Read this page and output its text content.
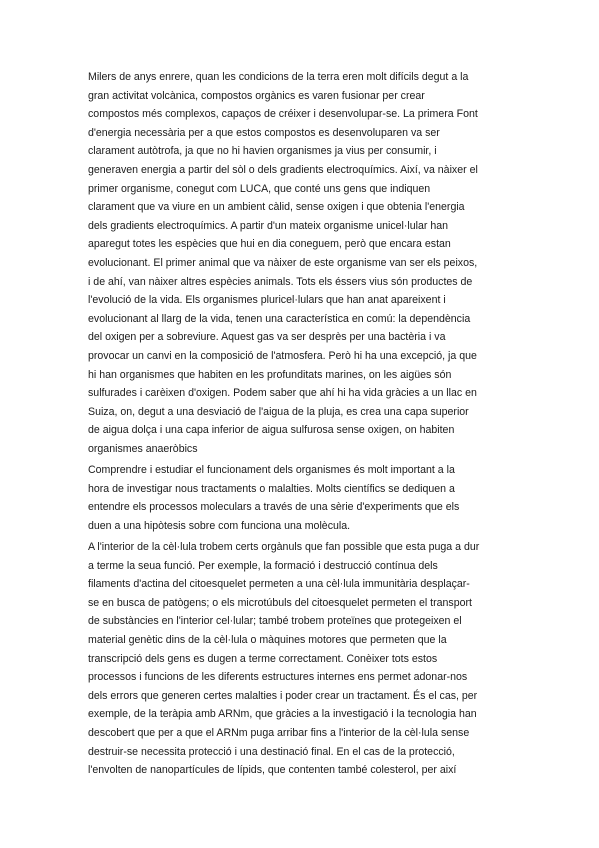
Milers de anys enrere, quan les condicions de la terra eren molt difícils degut a la
gran activitat volcànica, compostos orgànics es varen fusionar per crear
compostos més complexos, capaços de créixer i desenvolupar-se. La primera Font
d'energia necessària per a que estos compostos es desenvoluparen va ser
clarament autòtrofa, ja que no hi havien organismes ja vius per consumir, i
generaven energia a partir del sòl o dels gradients electroquímics. Així, va nàixer el
primer organisme, conegut com LUCA, que conté uns gens que indiquen
clarament que va viure en un ambient càlid, sense oxigen i que obtenia l'energia
dels gradients electroquímics. A partir d'un mateix organisme unicel·lular han
aparegut totes les espècies que hui en dia coneguem, però que encara estan
evolucionant. El primer animal que va nàixer de este organisme van ser els peixos,
i de ahí, van nàixer altres espècies animals. Tots els éssers vius són productes de
l'evolució de la vida. Els organismes pluricel·lulars que han anat apareixent i
evolucionant al llarg de la vida, tenen una característica en comú: la dependència
del oxigen per a sobreviure. Aquest gas va ser desprès per una bactèria i va
provocar un canvi en la composició de l'atmosfera. Però hi ha una excepció, ja que
hi han organismes que habiten en les profunditats marines, on les aigües són
sulfurades i carèixen d'oxigen. Podem saber que ahí hi ha vida gràcies a un llac en
Suiza, on, degut a una desviació de l'aigua de la pluja, es crea una capa superior
de aigua dolça i una capa inferior de aigua sulfurosa sense oxigen, on habiten
organismes anaeròbics
Comprendre i estudiar el funcionament dels organismes és molt important a la
hora de investigar nous tractaments o malalties. Molts científics se dediquen a
entendre els processos moleculars a través de una sèrie d'experiments que els
duen a una hipòtesis sobre com funciona una molècula.
A l'interior de la cèl·lula trobem certs orgànuls que fan possible que esta puga a dur
a terme la seua funció. Per exemple, la formació i destrucció contínua dels
filaments d'actina del citoesquelet permeten a una cèl·lula immunitària desplaçar-
se en busca de patògens; o els microtúbuls del citoesquelet permeten el transport
de substàncies en l'interior cel·lular; també trobem proteïnes que protegeixen el
material genètic dins de la cèl·lula o màquines motores que permeten que la
transcripció dels gens es dugen a terme correctament. Conèixer tots estos
processos i funcions de les diferents estructures internes ens permet adonar-nos
dels errors que generen certes malalties i poder crear un tractament. És el cas, per
exemple, de la teràpia amb ARNm, que gràcies a la investigació i la tecnologia han
descobert que per a que el ARNm puga arribar fins a l'interior de la cèl·lula sense
destruir-se necessita protecció i una destinació final. En el cas de la protecció,
l'envolten de nanopartícules de lípids, que contenten també colesterol, per així
